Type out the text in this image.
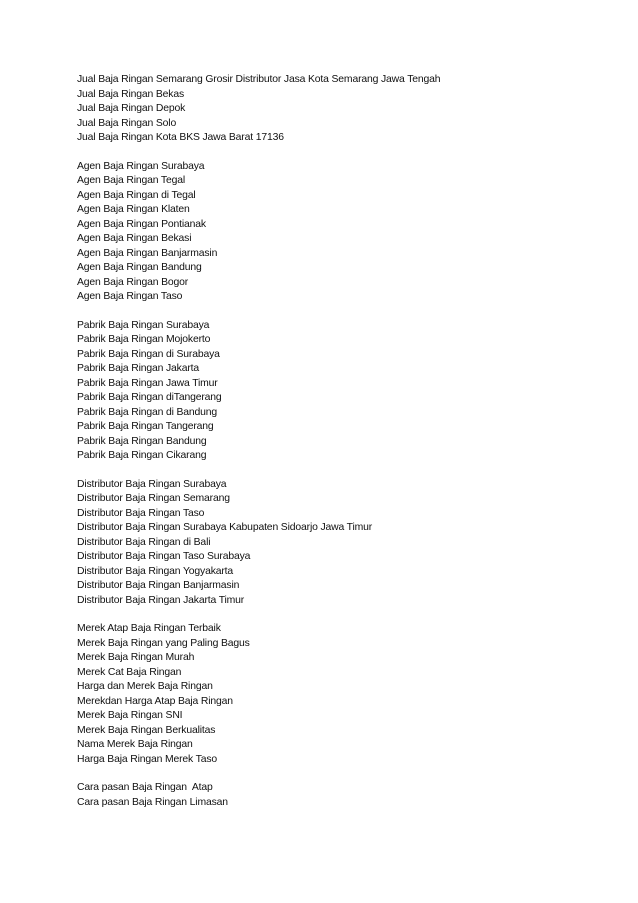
Jual Baja Ringan Semarang Grosir Distributor Jasa Kota Semarang Jawa Tengah
Jual Baja Ringan Bekas
Jual Baja Ringan Depok
Jual Baja Ringan Solo
Jual Baja Ringan Kota BKS Jawa Barat 17136
Agen Baja Ringan Surabaya
Agen Baja Ringan Tegal
Agen Baja Ringan di Tegal
Agen Baja Ringan Klaten
Agen Baja Ringan Pontianak
Agen Baja Ringan Bekasi
Agen Baja Ringan Banjarmasin
Agen Baja Ringan Bandung
Agen Baja Ringan Bogor
Agen Baja Ringan Taso
Pabrik Baja Ringan Surabaya
Pabrik Baja Ringan Mojokerto
Pabrik Baja Ringan di Surabaya
Pabrik Baja Ringan Jakarta
Pabrik Baja Ringan Jawa Timur
Pabrik Baja Ringan diTangerang
Pabrik Baja Ringan di Bandung
Pabrik Baja Ringan Tangerang
Pabrik Baja Ringan Bandung
Pabrik Baja Ringan Cikarang
Distributor Baja Ringan Surabaya
Distributor Baja Ringan Semarang
Distributor Baja Ringan Taso
Distributor Baja Ringan Surabaya Kabupaten Sidoarjo Jawa Timur
Distributor Baja Ringan di Bali
Distributor Baja Ringan Taso Surabaya
Distributor Baja Ringan Yogyakarta
Distributor Baja Ringan Banjarmasin
Distributor Baja Ringan Jakarta Timur
Merek Atap Baja Ringan Terbaik
Merek Baja Ringan yang Paling Bagus
Merek Baja Ringan Murah
Merek Cat Baja Ringan
Harga dan Merek Baja Ringan
Merekdan Harga Atap Baja Ringan
Merek Baja Ringan SNI
Merek Baja Ringan Berkualitas
Nama Merek Baja Ringan
Harga Baja Ringan Merek Taso
Cara pasan Baja Ringan  Atap
Cara pasan Baja Ringan Limasan
